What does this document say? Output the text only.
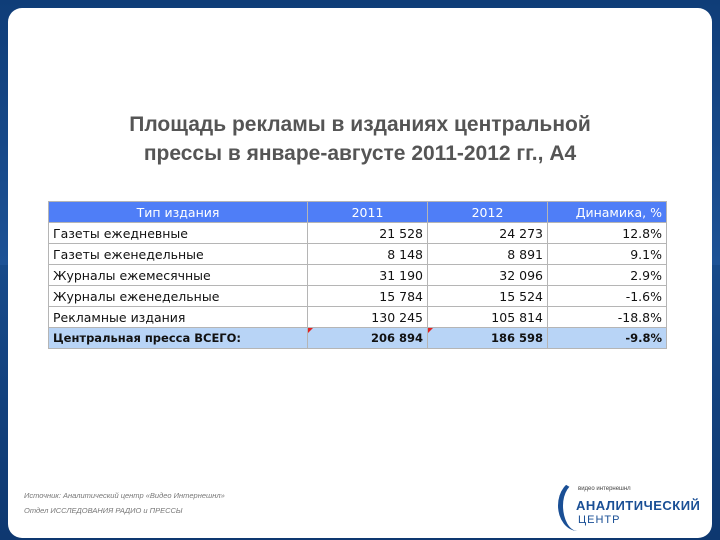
Площадь рекламы в изданиях центральной
прессы в январе-августе 2011-2012 гг., А4
Тип издания	2011	2012	Динамика, %
Газеты ежедневные	21 528	24 273	12.8%
Газеты еженедельные	8 148	8 891	9.1%
Журналы ежемесячные	31 190	32 096	2.9%
Журналы еженедельные	15 784	15 524	-1.6%
Рекламные издания	130 245	105 814	-18.8%
Центральная пресса ВСЕГО:	206 894	186 598	-9.8%
Источник: Аналитический центр «Видео Интернешнл»
Отдел ИССЛЕДОВАНИЯ РАДИО и ПРЕССЫ
видео интернешнл
АНАЛИТИЧЕСКИЙ
ЦЕНТР
